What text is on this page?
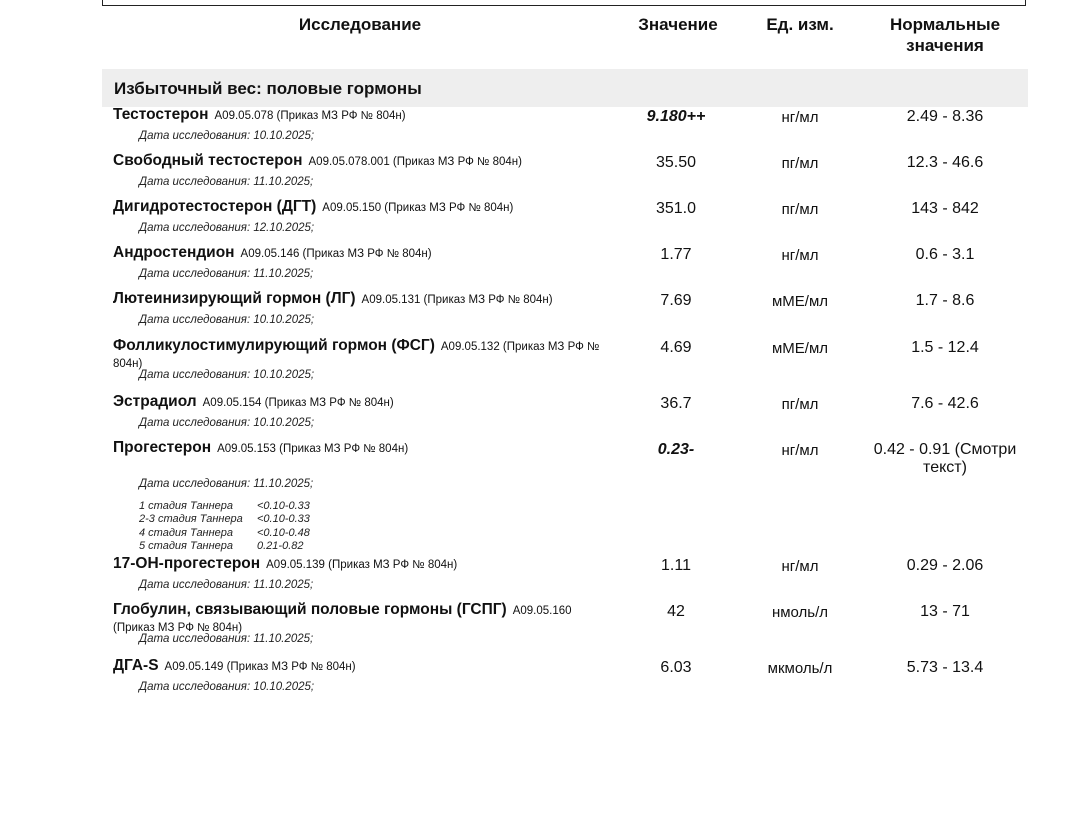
Исследование	Значение	Ед. изм.	Нормальные
значения
Избыточный вес: половые гормоны
Тестостерон A09.05.078 (Приказ МЗ РФ № 804н)
Дата исследования: 10.10.2025;
9.180++	нг/мл	2.49 - 8.36
Свободный тестостерон A09.05.078.001 (Приказ МЗ РФ № 804н)
Дата исследования: 11.10.2025;
35.50	пг/мл	12.3 - 46.6
Дигидротестостерон (ДГТ) A09.05.150 (Приказ МЗ РФ № 804н)
Дата исследования: 12.10.2025;
351.0	пг/мл	143 - 842
Андростендион A09.05.146 (Приказ МЗ РФ № 804н)
Дата исследования: 11.10.2025;
1.77	нг/мл	0.6 - 3.1
Лютеинизирующий гормон (ЛГ) A09.05.131 (Приказ МЗ РФ № 804н)
Дата исследования: 10.10.2025;
7.69	мМЕ/мл	1.7 - 8.6
Фолликулостимулирующий гормон (ФСГ) A09.05.132 (Приказ МЗ РФ № 804н)
Дата исследования: 10.10.2025;
4.69	мМЕ/мл	1.5 - 12.4
Эстрадиол A09.05.154 (Приказ МЗ РФ № 804н)
Дата исследования: 10.10.2025;
36.7	пг/мл	7.6 - 42.6
Прогестерон A09.05.153 (Приказ МЗ РФ № 804н)
Дата исследования: 11.10.2025;
0.23-	нг/мл	0.42 - 0.91 (Смотри текст)
17-ОН-прогестерон A09.05.139 (Приказ МЗ РФ № 804н)
Дата исследования: 11.10.2025;
1.11	нг/мл	0.29 - 2.06
Глобулин, связывающий половые гормоны (ГСПГ) A09.05.160 (Приказ МЗ РФ № 804н)
Дата исследования: 11.10.2025;
42	нмоль/л	13 - 71
ДГА-S A09.05.149 (Приказ МЗ РФ № 804н)
Дата исследования: 10.10.2025;
6.03	мкмоль/л	5.73 - 13.4
1 стадия Таннера <0.10-0.33
2-3 стадия Таннера <0.10-0.33
4 стадия Таннера <0.10-0.48
5 стадия Таннера 0.21-0.82
